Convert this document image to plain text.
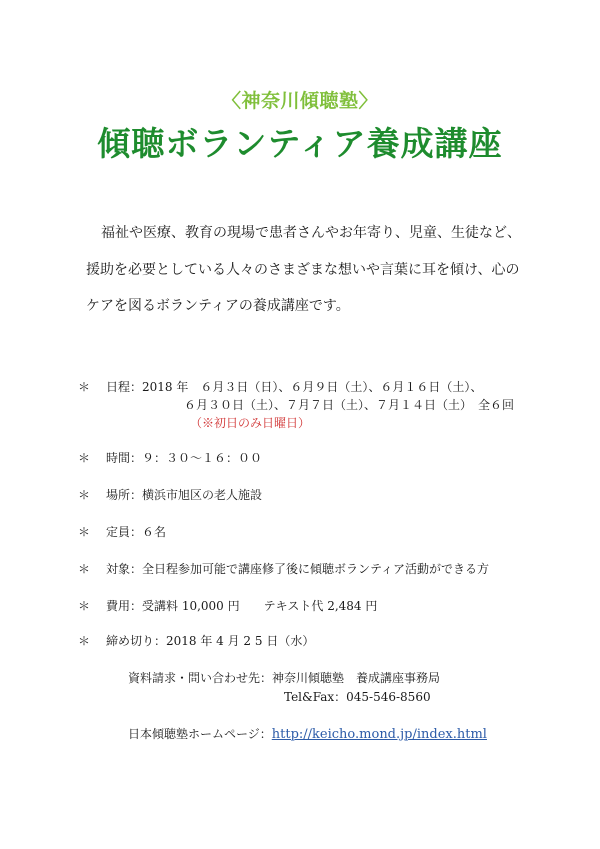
〈神奈川傾聴塾〉
傾聴ボランティア養成講座

福祉や医療、教育の現場で患者さんやお年寄り、児童、生徒など、

援助を必要としている人々のさまざまな想いや言葉に耳を傾け、心の

ケアを図るボランティアの養成講座です。

＊ 日程：2018 年　６月３日（日）、６月９日（土）、６月１６日（土）、
６月３０日（土）、７月７日（土）、７月１４日（土）　全６回
（※初日のみ日曜日）
＊ 時間：９：３０〜１６：００
＊ 場所：横浜市旭区の老人施設
＊ 定員：６名
＊ 対象：全日程参加可能で講座修了後に傾聴ボランティア活動ができる方
＊ 費用：受講料 10,000 円　　テキスト代 2,484 円
＊ 締め切り：2018 年 4 月 2 5 日（水）
資料請求・問い合わせ先：神奈川傾聴塾　養成講座事務局
Tel&Fax：045-546-8560
日本傾聴塾ホームページ：http://keicho.mond.jp/index.html
